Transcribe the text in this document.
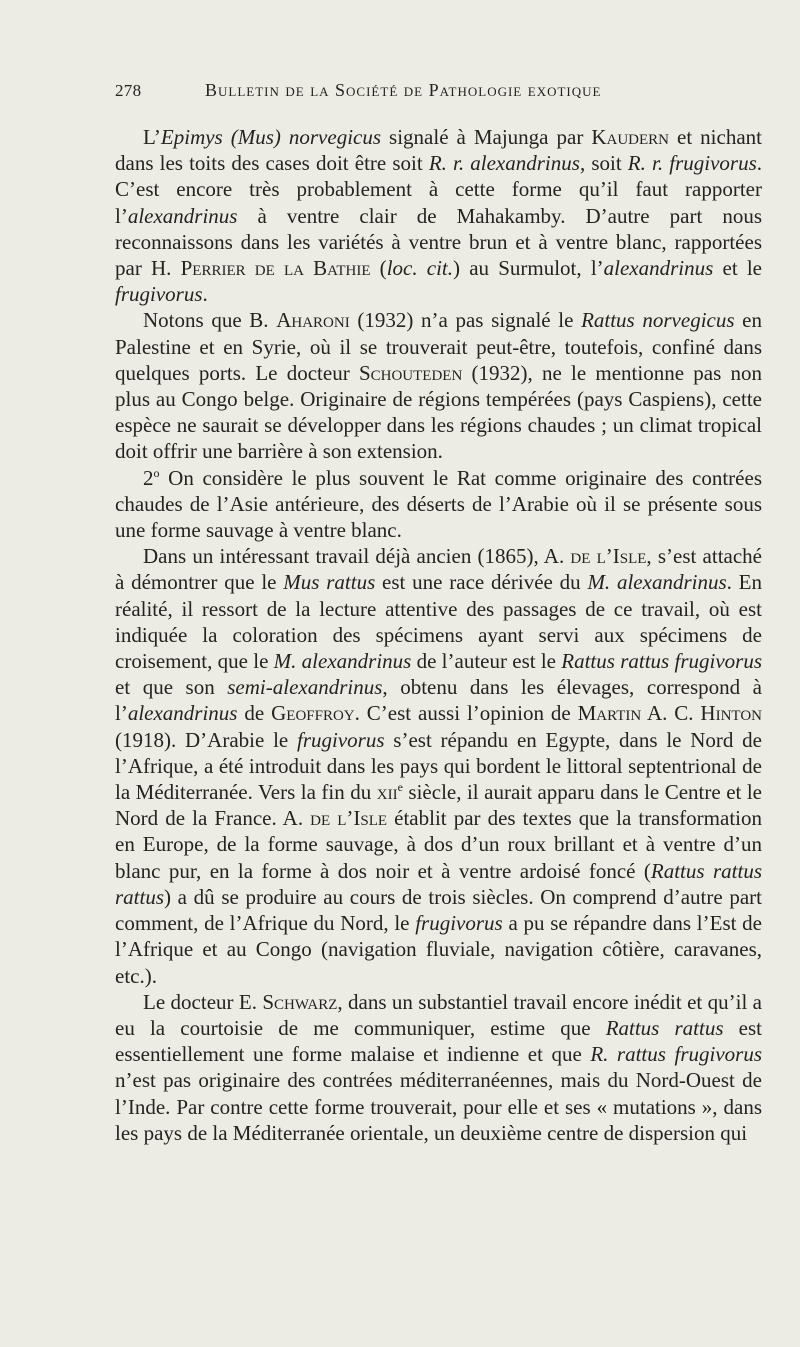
278	Bulletin de la Société de Pathologie exotique

L’Epimys (Mus) norvegicus signalé à Majunga par Kaudern et nichant dans les toits des cases doit être soit R. r. alexandrinus, soit R. r. frugivorus. C’est encore très probablement à cette forme qu’il faut rapporter l’alexandrinus à ventre clair de Mahakamby. D’autre part nous reconnaissons dans les variétés à ventre brun et à ventre blanc, rapportées par H. Perrier de la Bathie (loc. cit.) au Surmulot, l’alexandrinus et le frugivorus.

Notons que B. Aharoni (1932) n’a pas signalé le Rattus norvegicus en Palestine et en Syrie, où il se trouverait peut-être, toutefois, confiné dans quelques ports. Le docteur Schouteden (1932), ne le mentionne pas non plus au Congo belge. Originaire de régions tempérées (pays Caspiens), cette espèce ne saurait se développer dans les régions chaudes ; un climat tropical doit offrir une barrière à son extension.

2$^o$ On considère le plus souvent le Rat comme originaire des contrées chaudes de l’Asie antérieure, des déserts de l’Arabie où il se présente sous une forme sauvage à ventre blanc.

Dans un intéressant travail déjà ancien (1865), A. de l’Isle, s’est attaché à démontrer que le Mus rattus est une race dérivée du M. alexandrinus. En réalité, il ressort de la lecture attentive des passages de ce travail, où est indiquée la coloration des spécimens ayant servi aux spécimens de croisement, que le M. alexandrinus de l’auteur est le Rattus rattus frugivorus et que son semi-alexandrinus, obtenu dans les élevages, correspond à l’alexandrinus de Geoffroy. C’est aussi l’opinion de Martin A. C. Hinton (1918). D’Arabie le frugivorus s’est répandu en Egypte, dans le Nord de l’Afrique, a été introduit dans les pays qui bordent le littoral septentrional de la Méditerranée. Vers la fin du xii$^e$ siècle, il aurait apparu dans le Centre et le Nord de la France. A. de l’Isle établit par des textes que la transformation en Europe, de la forme sauvage, à dos d’un roux brillant et à ventre d’un blanc pur, en la forme à dos noir et à ventre ardoisé foncé (Rattus rattus rattus) a dû se produire au cours de trois siècles. On comprend d’autre part comment, de l’Afrique du Nord, le frugivorus a pu se répandre dans l’Est de l’Afrique et au Congo (navigation fluviale, navigation côtière, caravanes, etc.).

Le docteur E. Schwarz, dans un substantiel travail encore inédit et qu’il a eu la courtoisie de me communiquer, estime que Rattus rattus est essentiellement une forme malaise et indienne et que R. rattus frugivorus n’est pas originaire des contrées méditerranéennes, mais du Nord-Ouest de l’Inde. Par contre cette forme trouverait, pour elle et ses « mutations », dans les pays de la Méditerranée orientale, un deuxième centre de dispersion qui
